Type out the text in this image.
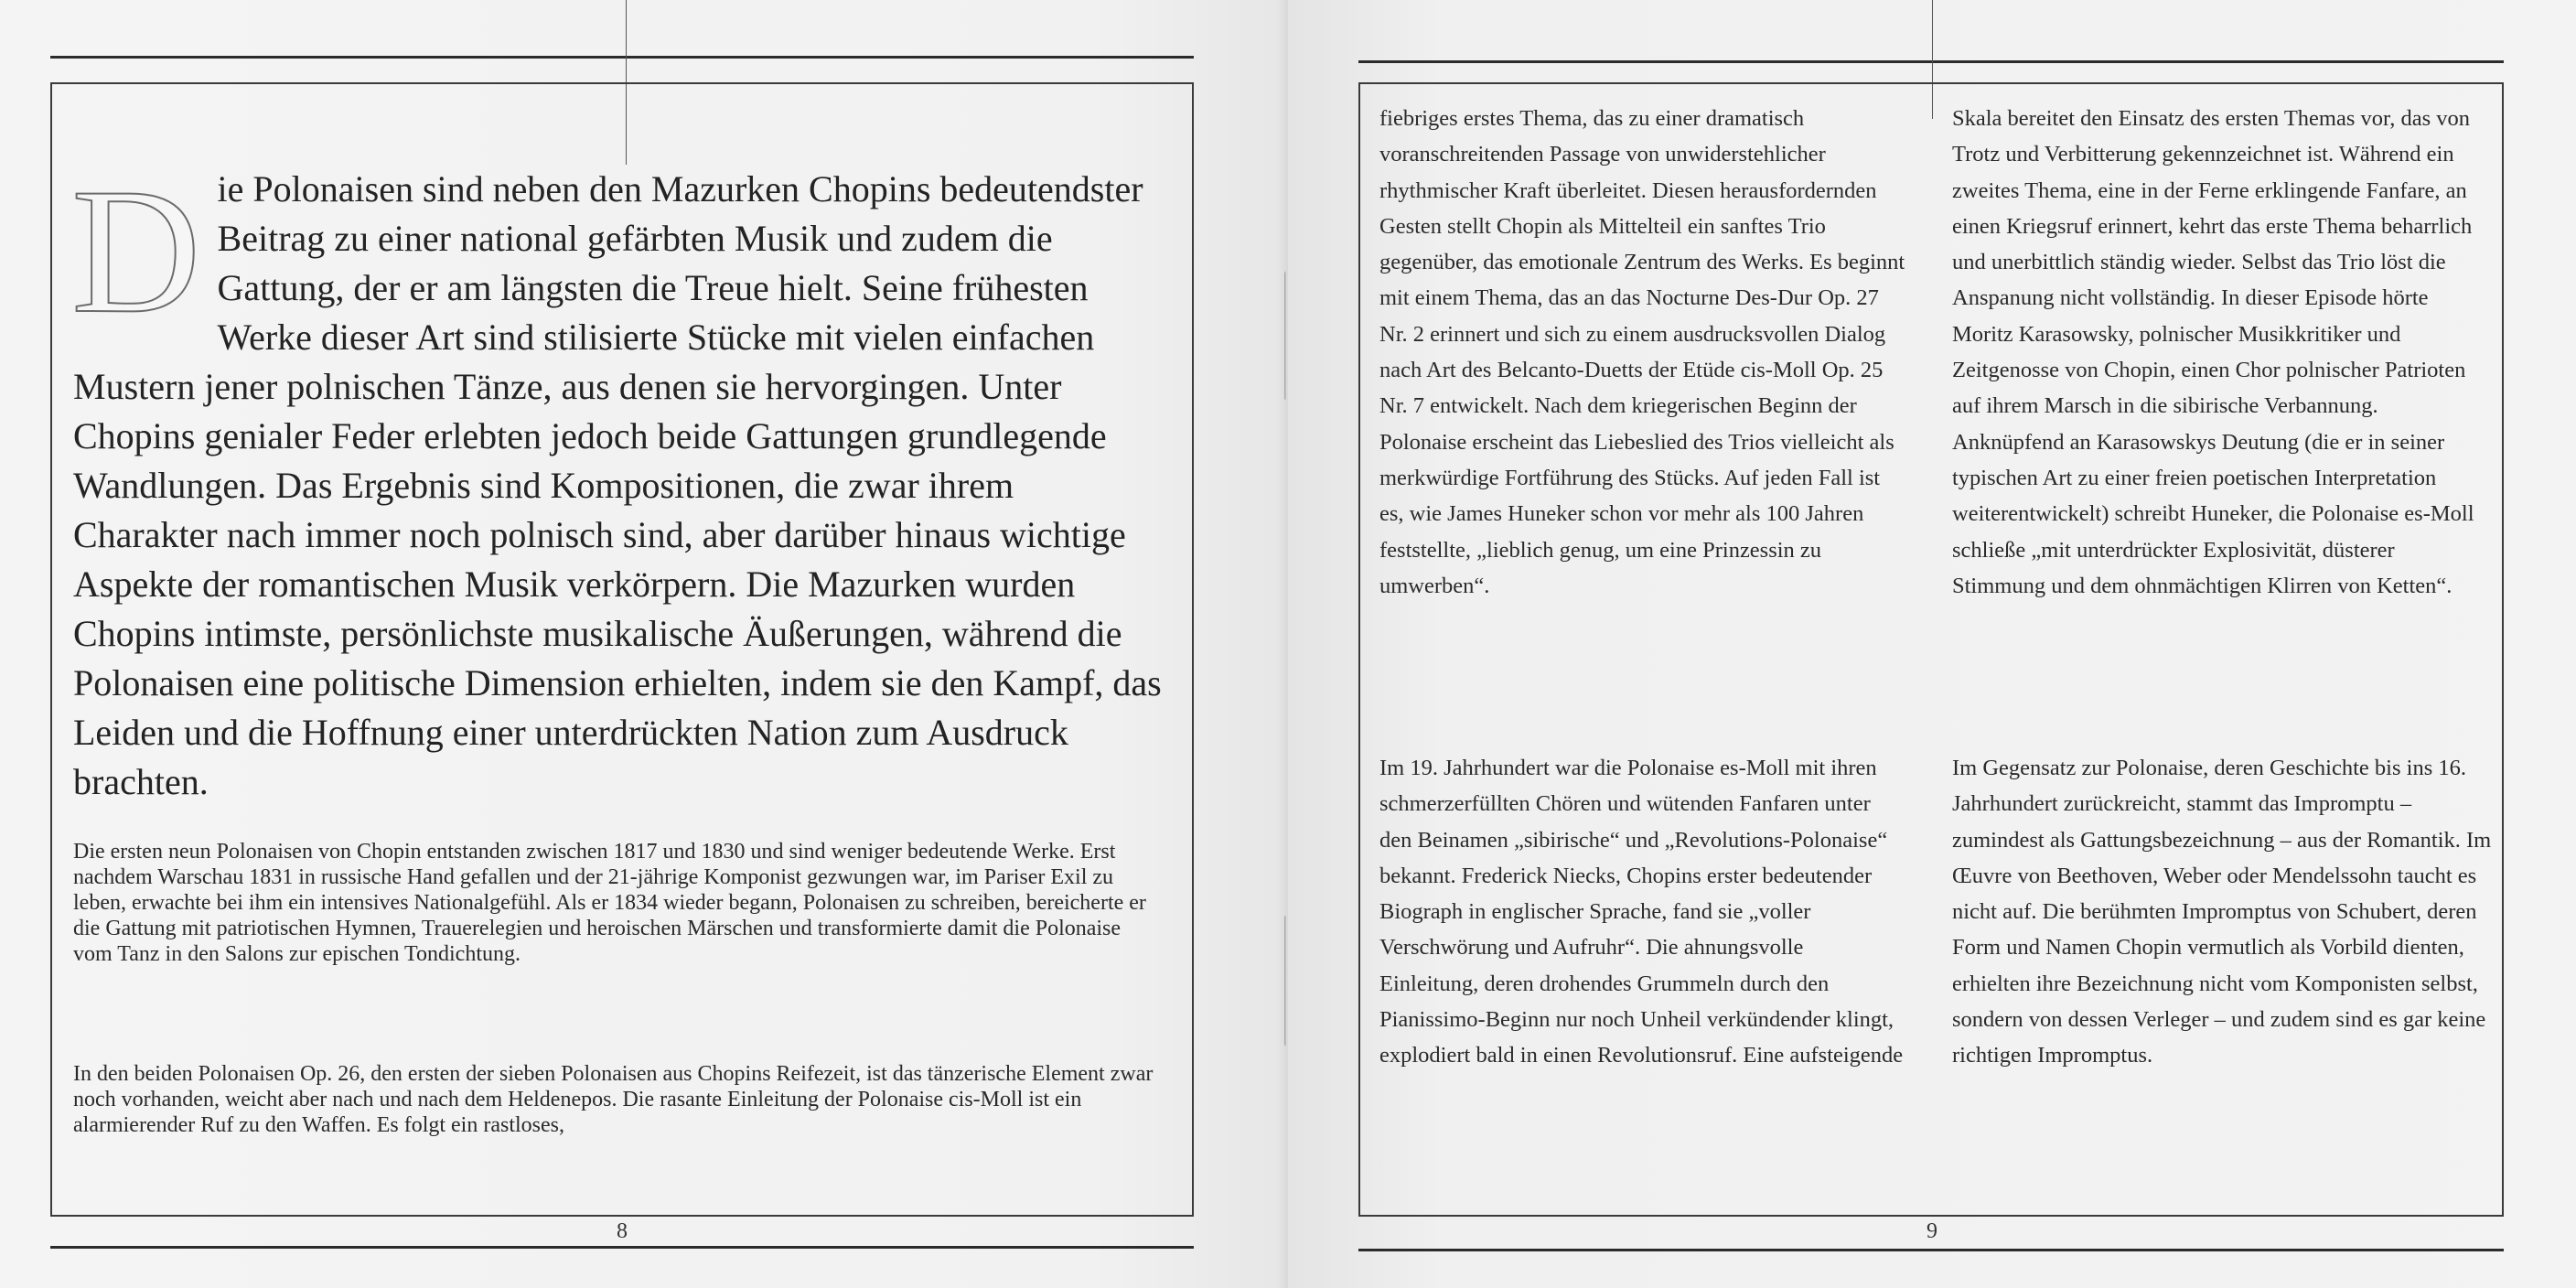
Die Polonaisen sind neben den Mazurken Chopins bedeutendster Beitrag zu einer national gefärbten Musik und zudem die Gattung, der er am längsten die Treue hielt. Seine frühesten Werke dieser Art sind stilisierte Stücke mit vielen einfachen Mustern jener polnischen Tänze, aus denen sie hervorgingen. Unter Chopins genialer Feder erlebten jedoch beide Gattungen grundlegende Wandlungen. Das Ergebnis sind Kompositionen, die zwar ihrem Charakter nach immer noch polnisch sind, aber darüber hinaus wichtige Aspekte der romantischen Musik verkörpern. Die Mazurken wurden Chopins intimste, persönlichste musikalische Äußerungen, während die Polonaisen eine politische Dimension erhielten, indem sie den Kampf, das Leiden und die Hoffnung einer unterdrückten Nation zum Ausdruck brachten.

Die ersten neun Polonaisen von Chopin entstanden zwischen 1817 und 1830 und sind weniger bedeutende Werke. Erst nachdem Warschau 1831 in russische Hand gefallen und der 21-jährige Komponist gezwungen war, im Pariser Exil zu leben, erwachte bei ihm ein intensives Nationalgefühl. Als er 1834 wieder begann, Polonaisen zu schreiben, bereicherte er die Gattung mit patriotischen Hymnen, Trauerelegien und heroischen Märschen und transformierte damit die Polonaise vom Tanz in den Salons zur epischen Tondichtung.

In den beiden Polonaisen Op. 26, den ersten der sieben Polonaisen aus Chopins Reifezeit, ist das tänzerische Element zwar noch vorhanden, weicht aber nach und nach dem Heldenepos. Die rasante Einleitung der Polonaise cis-Moll ist ein alarmierender Ruf zu den Waffen. Es folgt ein rastloses,

8

fiebriges erstes Thema, das zu einer dramatisch voranschreitenden Passage von unwiderstehlicher rhythmischer Kraft überleitet. Diesen herausfordernden Gesten stellt Chopin als Mittelteil ein sanftes Trio gegenüber, das emotionale Zentrum des Werks. Es beginnt mit einem Thema, das an das Nocturne Des-Dur Op. 27 Nr. 2 erinnert und sich zu einem ausdrucksvollen Dialog nach Art des Belcanto-Duetts der Etüde cis-Moll Op. 25 Nr. 7 entwickelt. Nach dem kriegerischen Beginn der Polonaise erscheint das Liebeslied des Trios vielleicht als merkwürdige Fortführung des Stücks. Auf jeden Fall ist es, wie James Huneker schon vor mehr als 100 Jahren feststellte, „lieblich genug, um eine Prinzessin zu umwerben“.

Im 19. Jahrhundert war die Polonaise es-Moll mit ihren schmerzerfüllten Chören und wütenden Fanfaren unter den Beinamen „sibirische“ und „Revolutions-Polonaise“ bekannt. Frederick Niecks, Chopins erster bedeutender Biograph in englischer Sprache, fand sie „voller Verschwörung und Aufruhr“. Die ahnungsvolle Einleitung, deren drohendes Grummeln durch den Pianissimo-Beginn nur noch Unheil verkündender klingt, explodiert bald in einen Revolutionsruf. Eine aufsteigende

Skala bereitet den Einsatz des ersten Themas vor, das von Trotz und Verbitterung gekennzeichnet ist. Während ein zweites Thema, eine in der Ferne erklingende Fanfare, an einen Kriegsruf erinnert, kehrt das erste Thema beharrlich und unerbittlich ständig wieder. Selbst das Trio löst die Anspanung nicht vollständig. In dieser Episode hörte Moritz Karasowsky, polnischer Musikkritiker und Zeitgenosse von Chopin, einen Chor polnischer Patrioten auf ihrem Marsch in die sibirische Verbannung. Anknüpfend an Karasowskys Deutung (die er in seiner typischen Art zu einer freien poetischen Interpretation weiterentwickelt) schreibt Huneker, die Polonaise es-Moll schließe „mit unterdrückter Explosivität, düsterer Stimmung und dem ohnmächtigen Klirren von Ketten“.

Im Gegensatz zur Polonaise, deren Geschichte bis ins 16. Jahrhundert zurückreicht, stammt das Impromptu – zumindest als Gattungsbezeichnung – aus der Romantik. Im Œuvre von Beethoven, Weber oder Mendelssohn taucht es nicht auf. Die berühmten Impromptus von Schubert, deren Form und Namen Chopin vermutlich als Vorbild dienten, erhielten ihre Bezeichnung nicht vom Komponisten selbst, sondern von dessen Verleger – und zudem sind es gar keine richtigen Impromptus.

9
